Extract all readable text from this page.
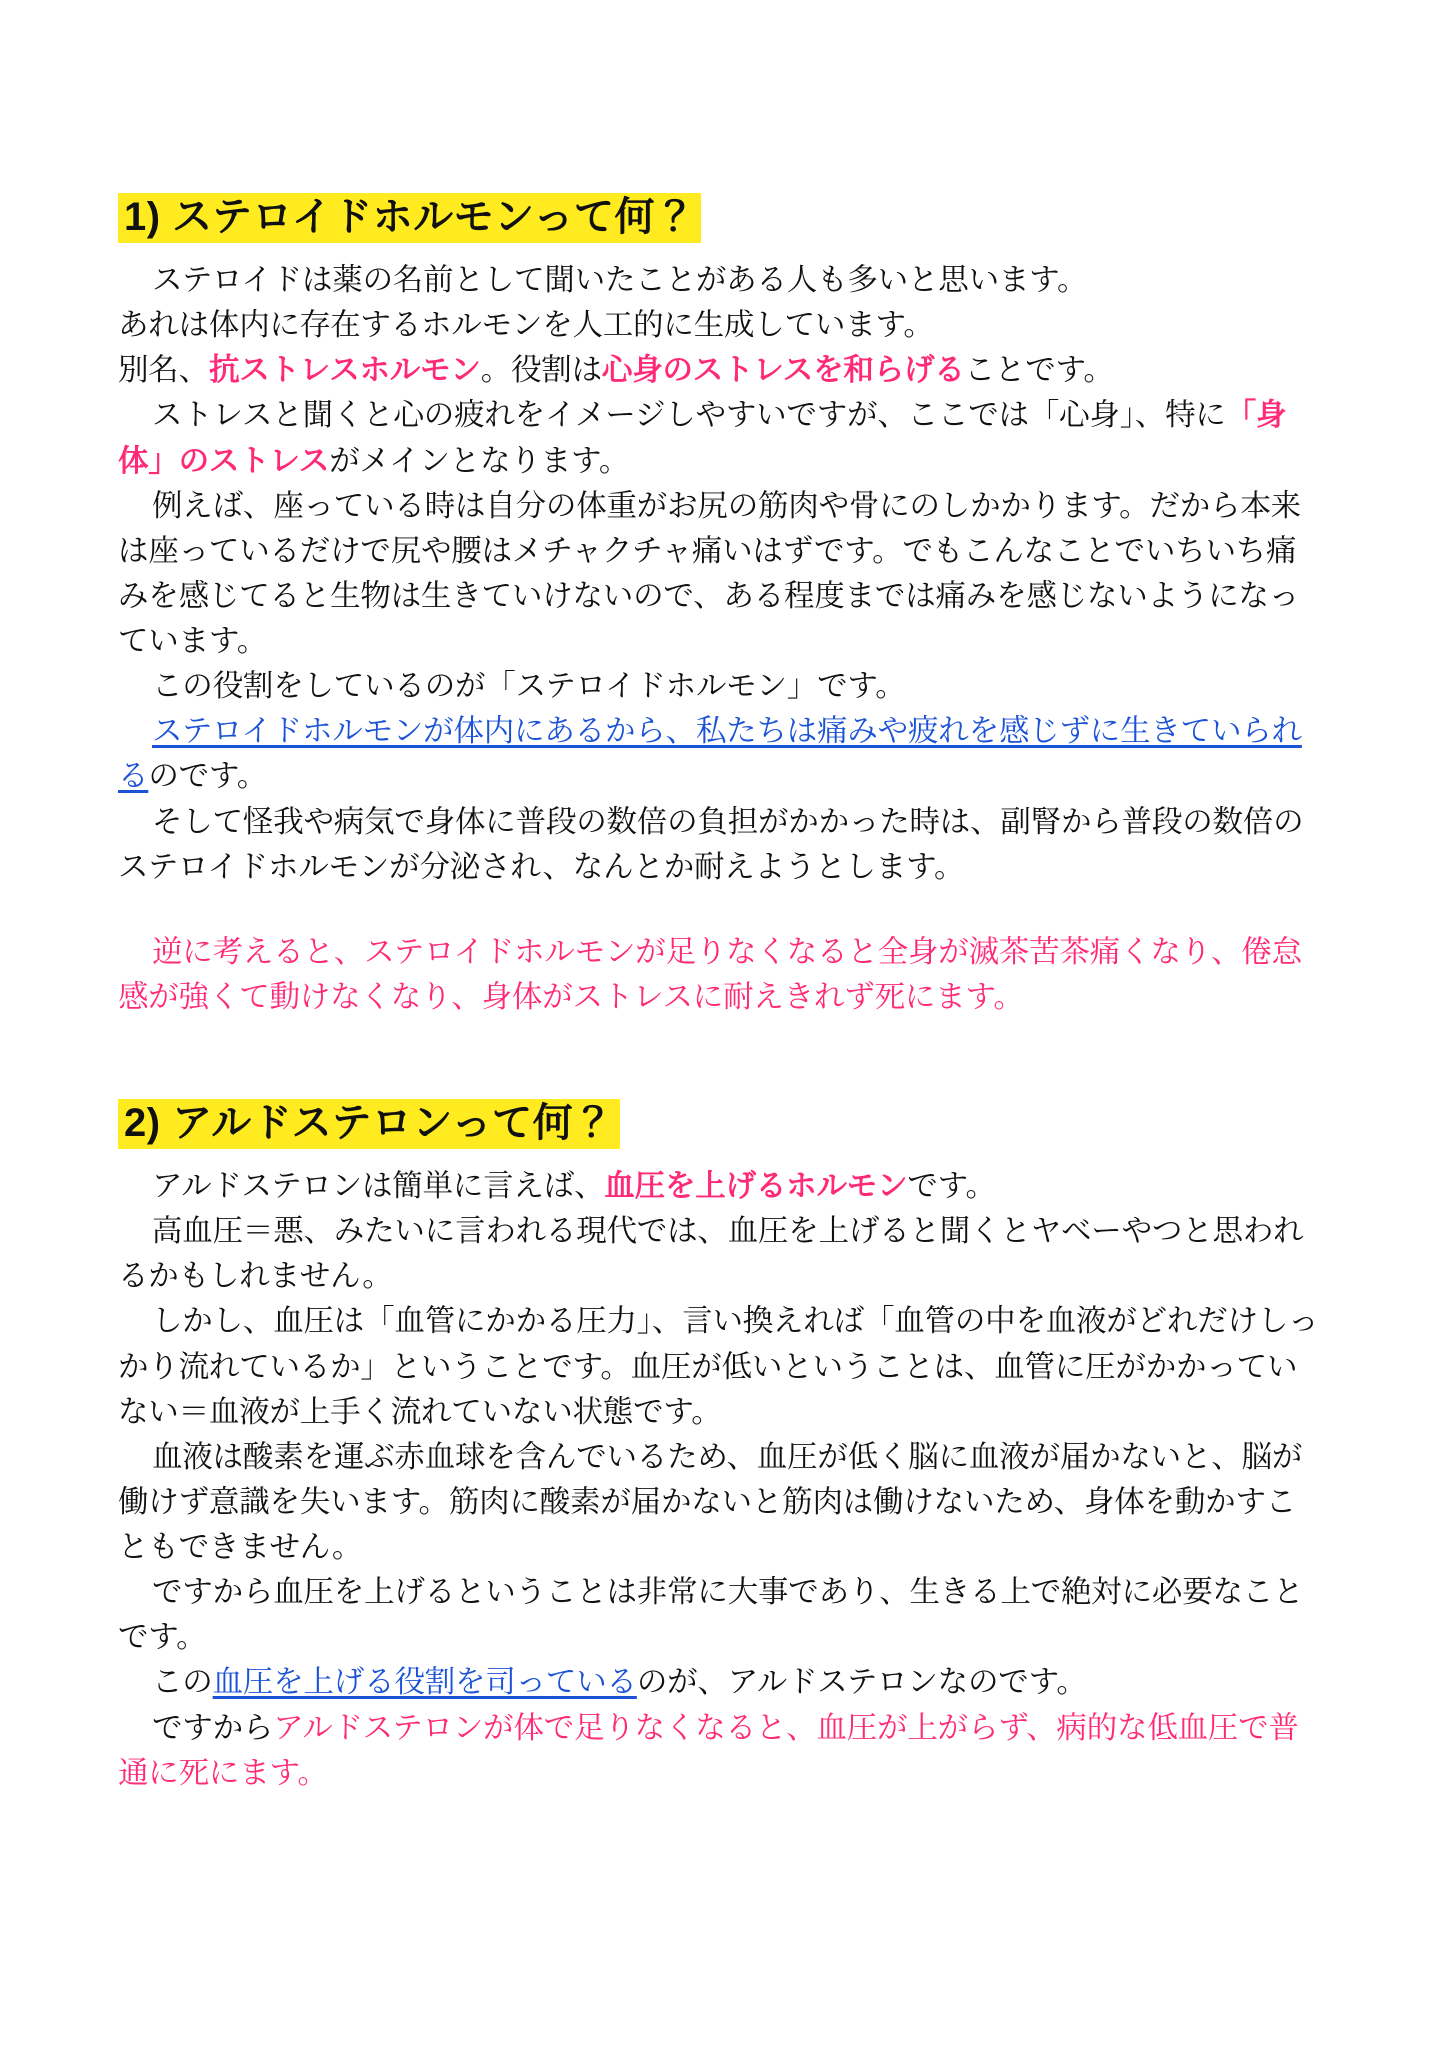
1) ステロイドホルモンって何？

ステロイドは薬の名前として聞いたことがある人も多いと思います。

あれは体内に存在するホルモンを人工的に生成しています。

別名、抗ストレスホルモン。役割は心身のストレスを和らげることです。

ストレスと聞くと心の疲れをイメージしやすいですが、ここでは「心身」、特に「身体」のストレスがメインとなります。

例えば、座っている時は自分の体重がお尻の筋肉や骨にのしかかります。だから本来は座っているだけで尻や腰はメチャクチャ痛いはずです。でもこんなことでいちいち痛みを感じてると生物は生きていけないので、ある程度までは痛みを感じないようになっています。

この役割をしているのが「ステロイドホルモン」です。

ステロイドホルモンが体内にあるから、私たちは痛みや疲れを感じずに生きていられるのです。

そして怪我や病気で身体に普段の数倍の負担がかかった時は、副腎から普段の数倍のステロイドホルモンが分泌され、なんとか耐えようとします。

逆に考えると、ステロイドホルモンが足りなくなると全身が滅茶苦茶痛くなり、倦怠感が強くて動けなくなり、身体がストレスに耐えきれず死にます。

2) アルドステロンって何？

アルドステロンは簡単に言えば、血圧を上げるホルモンです。

高血圧＝悪、みたいに言われる現代では、血圧を上げると聞くとヤベーやつと思われるかもしれません。

しかし、血圧は「血管にかかる圧力」、言い換えれば「血管の中を血液がどれだけしっかり流れているか」ということです。血圧が低いということは、血管に圧がかかっていない＝血液が上手く流れていない状態です。

血液は酸素を運ぶ赤血球を含んでいるため、血圧が低く脳に血液が届かないと、脳が働けず意識を失います。筋肉に酸素が届かないと筋肉は働けないため、身体を動かすこともできません。

ですから血圧を上げるということは非常に大事であり、生きる上で絶対に必要なことです。

この血圧を上げる役割を司っているのが、アルドステロンなのです。

ですからアルドステロンが体で足りなくなると、血圧が上がらず、病的な低血圧で普通に死にます。
